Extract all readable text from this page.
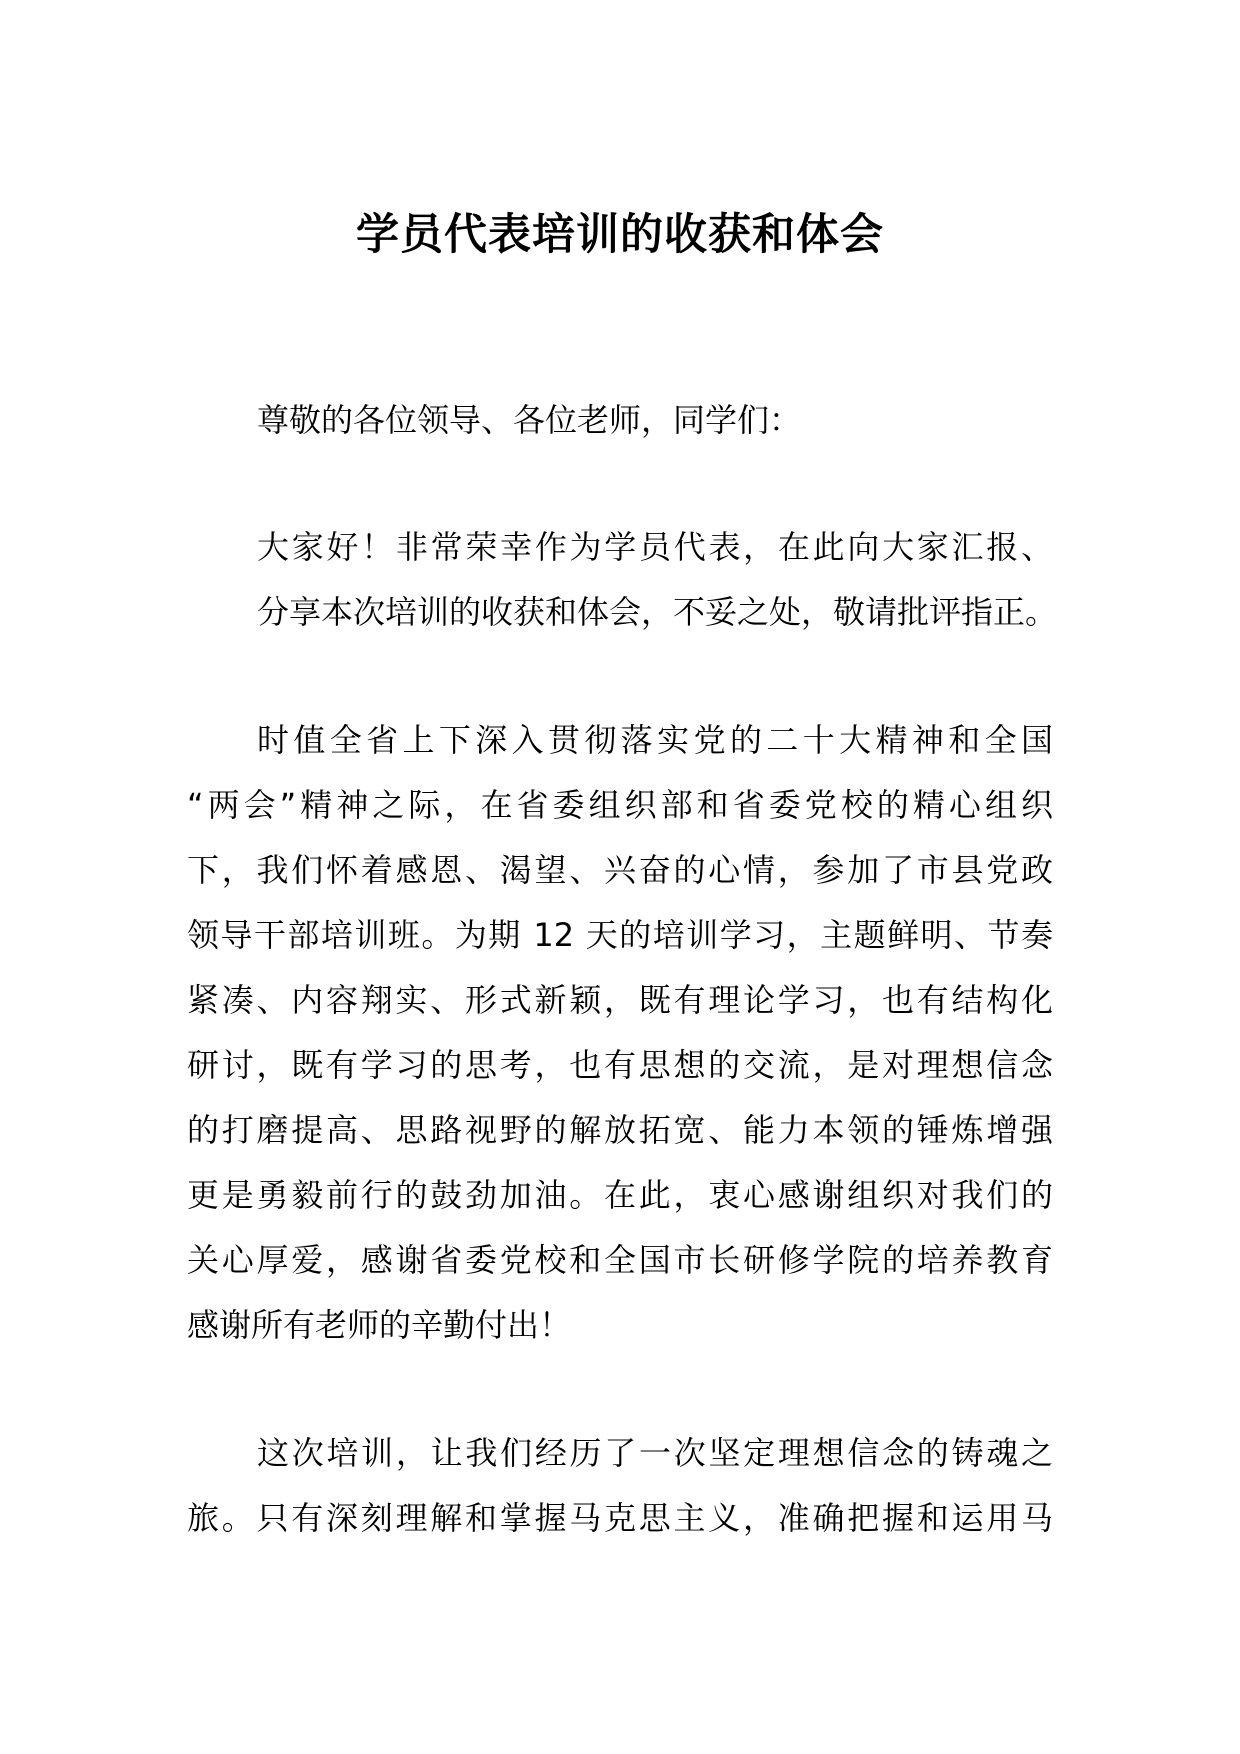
学员代表培训的收获和体会

尊敬的各位领导、各位老师，同学们：

大家好！非常荣幸作为学员代表，在此向大家汇报、
分享本次培训的收获和体会，不妥之处，敬请批评指正。

时值全省上下深入贯彻落实党的二十大精神和全国
“两会”精神之际，在省委组织部和省委党校的精心组织
下，我们怀着感恩、渴望、兴奋的心情，参加了市县党政
领导干部培训班。为期 12 天的培训学习，主题鲜明、节奏
紧凑、内容翔实、形式新颖，既有理论学习，也有结构化
研讨，既有学习的思考，也有思想的交流，是对理想信念
的打磨提高、思路视野的解放拓宽、能力本领的锤炼增强
更是勇毅前行的鼓劲加油。在此，衷心感谢组织对我们的
关心厚爱，感谢省委党校和全国市长研修学院的培养教育
感谢所有老师的辛勤付出！

这次培训，让我们经历了一次坚定理想信念的铸魂之
旅。只有深刻理解和掌握马克思主义，准确把握和运用马
